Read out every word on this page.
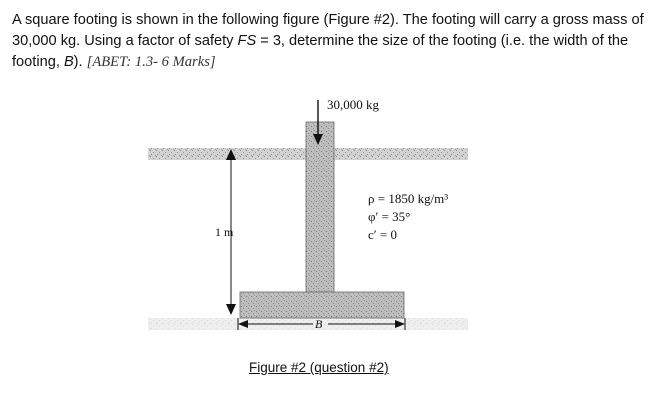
A square footing is shown in the following figure (Figure #2). The footing will carry a gross mass of 30,000 kg. Using a factor of safety FS = 3, determine the size of the footing (i.e. the width of the footing, B). [ABET: 1.3- 6 Marks]

30,000 kg
1 m
B
ρ = 1850 kg/m³
φ′ = 35°
c′ = 0
Figure #2 (question #2)
